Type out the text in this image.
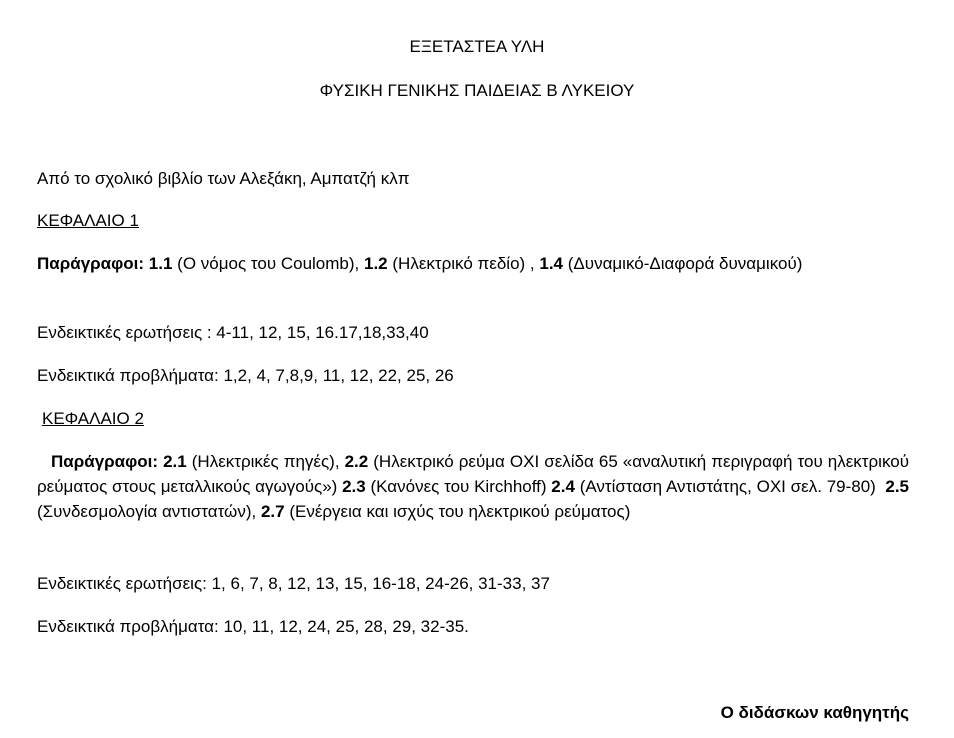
ΕΞΕΤΑΣΤΕΑ ΥΛΗ
ΦΥΣΙΚΗ ΓΕΝΙΚΗΣ ΠΑΙΔΕΙΑΣ Β ΛΥΚΕΙΟΥ
Από το σχολικό βιβλίο των Αλεξάκη, Αμπατζή κλπ
ΚΕΦΑΛΑΙΟ 1
Παράγραφοι: 1.1 (Ο νόμος του Coulomb), 1.2 (Ηλεκτρικό πεδίο) , 1.4 (Δυναμικό-Διαφορά δυναμικού)
Ενδεικτικές ερωτήσεις : 4-11, 12, 15, 16.17,18,33,40
Ενδεικτικά προβλήματα: 1,2, 4, 7,8,9, 11, 12, 22, 25, 26
ΚΕΦΑΛΑΙΟ 2
Παράγραφοι: 2.1 (Ηλεκτρικές πηγές), 2.2 (Ηλεκτρικό ρεύμα ΟΧΙ σελίδα 65 «αναλυτική περιγραφή του ηλεκτρικού ρεύματος στους μεταλλικούς αγωγούς») 2.3 (Κανόνες του Kirchhoff) 2.4 (Αντίσταση Αντιστάτης, ΟΧΙ σελ. 79-80) 2.5 (Συνδεσμολογία αντιστατών), 2.7 (Ενέργεια και ισχύς του ηλεκτρικού ρεύματος)
Ενδεικτικές ερωτήσεις: 1, 6, 7, 8, 12, 13, 15, 16-18, 24-26, 31-33, 37
Ενδεικτικά προβλήματα: 10, 11, 12, 24, 25, 28, 29, 32-35.
Ο διδάσκων καθηγητής
